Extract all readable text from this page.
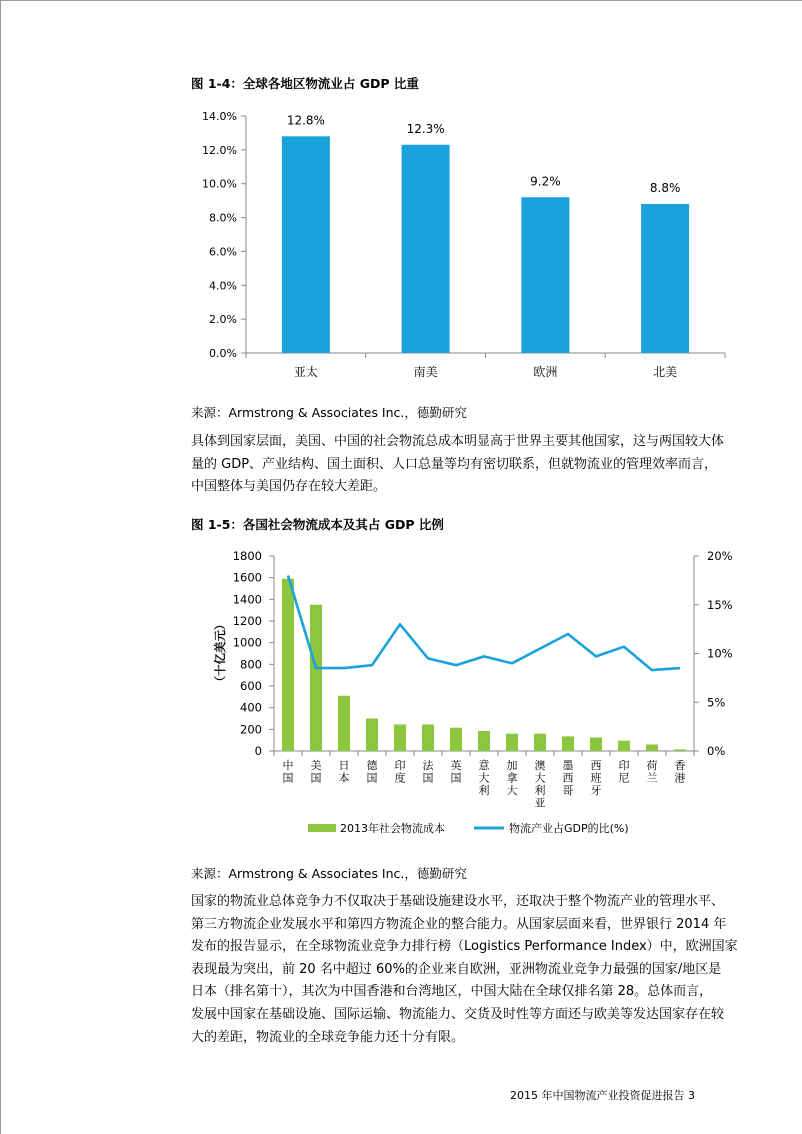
图 1-4：全球各地区物流业占 GDP 比重
0.0%
2.0%
4.0%
6.0%
8.0%
10.0%
12.0%
14.0%	12.8%
亚太
12.3%
南美
9.2%
欧洲
8.8%
北美
来源：Armstrong & Associates Inc.，德勤研究
具体到国家层面，美国、中国的社会物流总成本明显高于世界主要其他国家，这与两国较大体
量的 GDP、产业结构、国土面积、人口总量等均有密切联系，但就物流业的管理效率而言，
中国整体与美国仍存在较大差距。
图 1-5：各国社会物流成本及其占 GDP 比例
0
200
400
600
800
1000
1200
1400
1600
1800
（十亿美元）
0%
5%
10%
15%
20%
中国
美国
日本
德国
印度
法国
英国
意大利
加拿大
澳大利亚
墨西哥
西班牙
印尼
荷兰
香港
2013年社会物流成本	物流产业占GDP的比(%)
来源：Armstrong & Associates Inc.，德勤研究
国家的物流业总体竞争力不仅取决于基础设施建设水平，还取决于整个物流产业的管理水平、
第三方物流企业发展水平和第四方物流企业的整合能力。从国家层面来看，世界银行 2014 年
发布的报告显示，在全球物流业竞争力排行榜（Logistics Performance Index）中，欧洲国家
表现最为突出，前 20 名中超过 60%的企业来自欧洲，亚洲物流业竞争力最强的国家/地区是
日本（排名第十），其次为中国香港和台湾地区，中国大陆在全球仅排名第 28。总体而言，
发展中国家在基础设施、国际运输、物流能力、交货及时性等方面还与欧美等发达国家存在较
大的差距，物流业的全球竞争能力还十分有限。
2015 年中国物流产业投资促进报告 3
